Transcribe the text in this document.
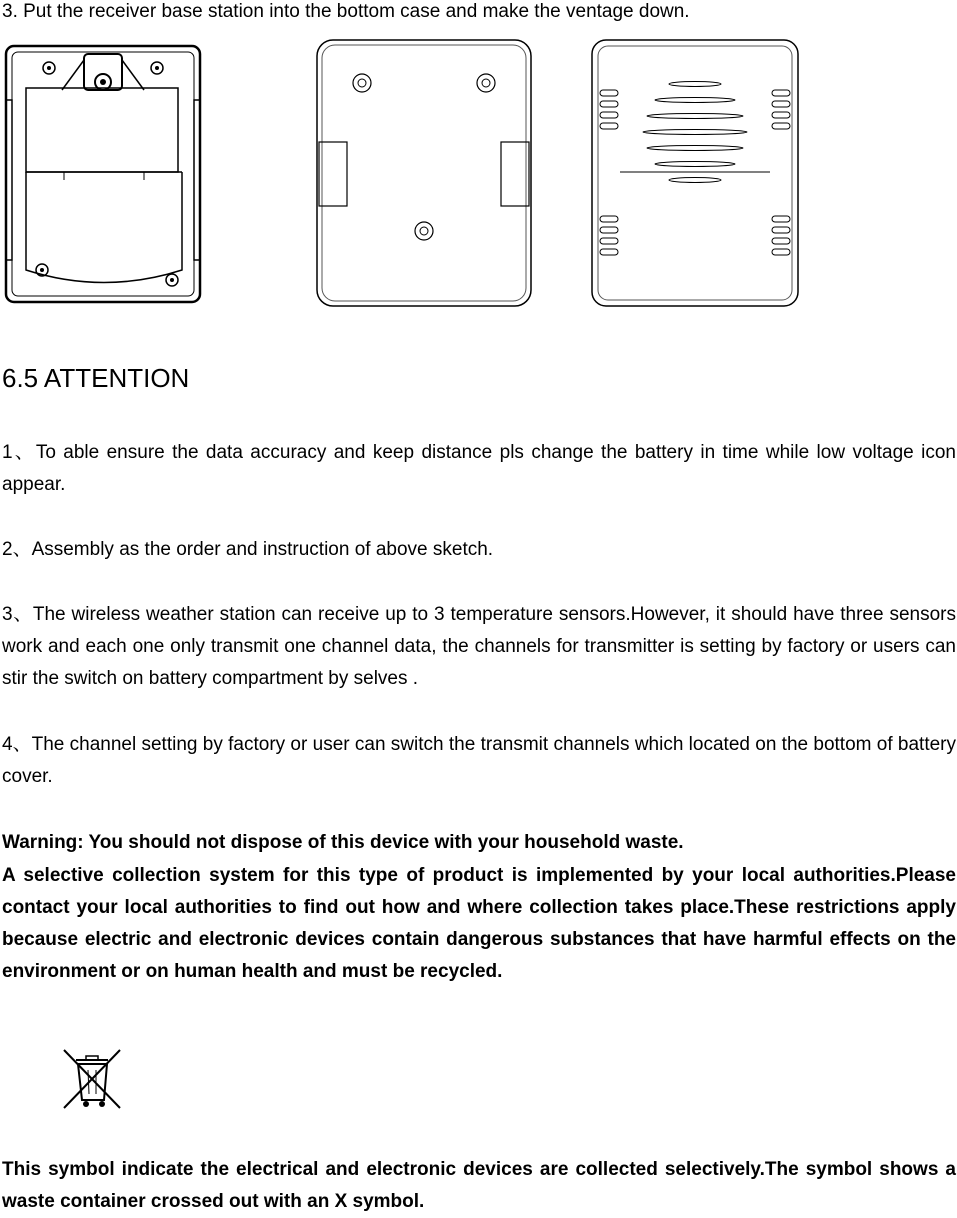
3. Put the receiver base station into the bottom case and make the ventage down.
6.5 ATTENTION
1、To able ensure the data accuracy and keep distance pls change the battery in time while low voltage icon appear.
2、Assembly as the order and instruction of above sketch.
3、The wireless weather station can receive up to 3 temperature sensors.However, it should have three sensors work and each one only transmit one channel data, the channels for transmitter is setting by factory or users can stir the switch on battery compartment by selves .
4、The channel setting by factory or user can switch the transmit channels which located on the bottom of battery cover.
Warning: You should not dispose of this device with your household waste.
A selective collection system for this type of product is implemented by your local authorities.Please contact your local authorities to find out how and where collection takes place.These restrictions apply because electric and electronic devices contain dangerous substances that have harmful effects on the environment or on human health and must be recycled.
This symbol indicate the electrical and electronic devices are collected selectively.The symbol shows a waste container crossed out with an X symbol.
